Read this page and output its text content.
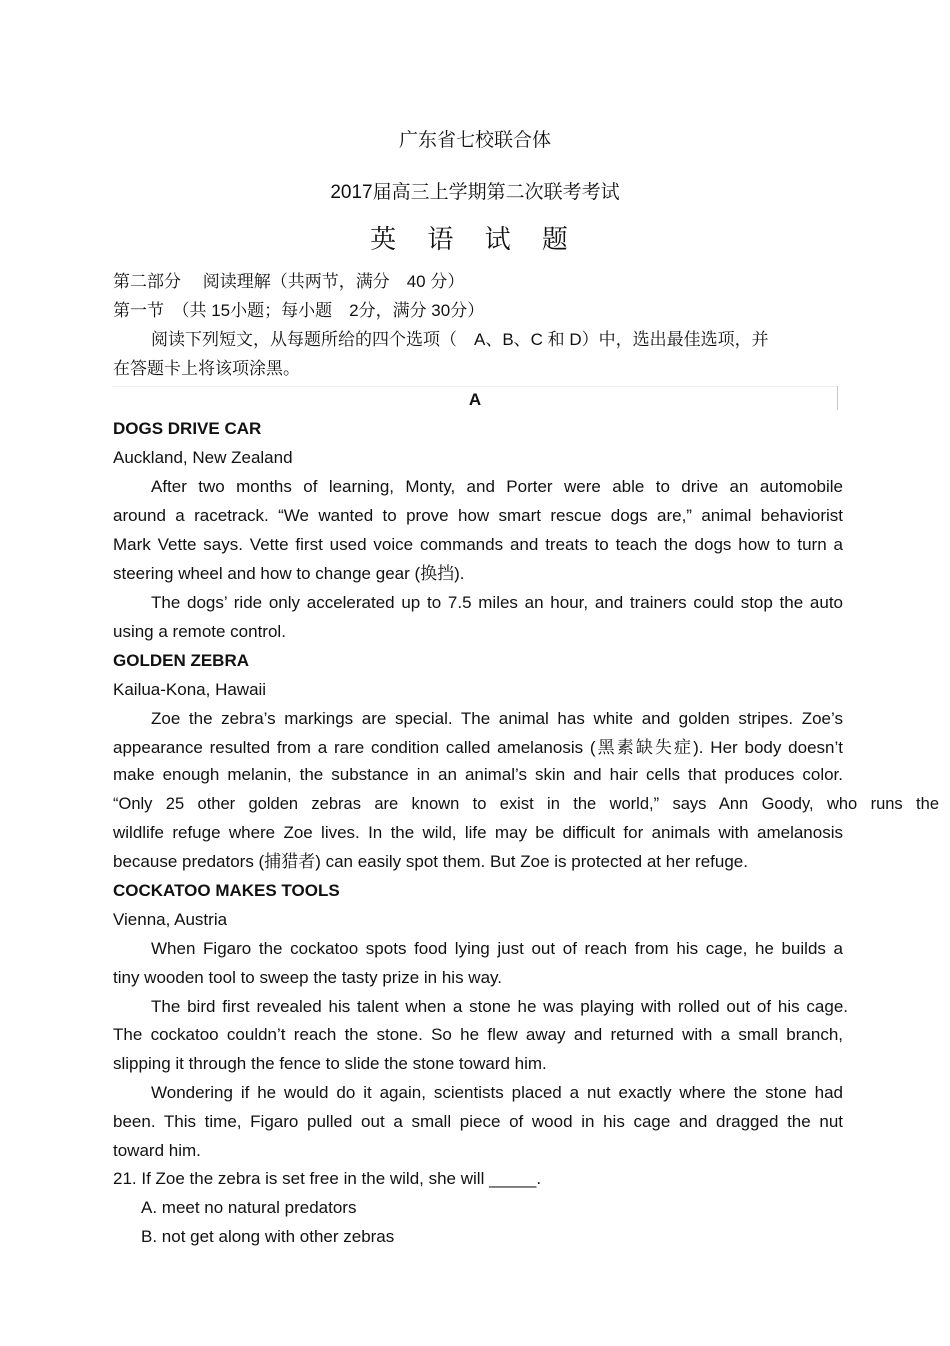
广东省七校联合体
2017届高三上学期第二次联考考试
英 语 试 题
第二部分　 阅读理解（共两节，满分　40 分）
第一节　（共 15小题；每小题　2分，满分 30分）
阅读下列短文，从每题所给的四个选项（　A、B、C 和 D）中，选出最佳选项，并
在答题卡上将该项涂黑。
A
DOGS DRIVE CAR
Auckland, New Zealand
After two months of learning, Monty, and Porter were able to drive an automobile
around a racetrack. “We wanted to prove how smart rescue dogs are,” animal behaviorist
Mark Vette says. Vette first used voice commands and treats to teach the dogs how to turn a
steering wheel and how to change gear (换挡).
The dogs’ ride only accelerated up to 7.5 miles an hour, and trainers could stop the auto
using a remote control.
GOLDEN ZEBRA
Kailua-Kona, Hawaii
Zoe the zebra’s markings are special. The animal has white and golden stripes. Zoe’s
appearance resulted from a rare condition called amelanosis (黑素缺失症). Her body doesn’t
make enough melanin, the substance in an animal’s skin and hair cells that produces color.
“Only 25 other golden zebras are known to exist in the world,” says Ann Goody, who runs the
wildlife refuge where Zoe lives. In the wild, life may be difficult for animals with amelanosis
because predators (捕猎者) can easily spot them. But Zoe is protected at her refuge.
COCKATOO MAKES TOOLS
Vienna, Austria
When Figaro the cockatoo spots food lying just out of reach from his cage, he builds a
tiny wooden tool to sweep the tasty prize in his way.
The bird first revealed his talent when a stone he was playing with rolled out of his cage.
The cockatoo couldn’t reach the stone. So he flew away and returned with a small branch,
slipping it through the fence to slide the stone toward him.
Wondering if he would do it again, scientists placed a nut exactly where the stone had
been. This time, Figaro pulled out a small piece of wood in his cage and dragged the nut
toward him.
21. If Zoe the zebra is set free in the wild, she will _____.
A. meet no natural predators
B. not get along with other zebras
